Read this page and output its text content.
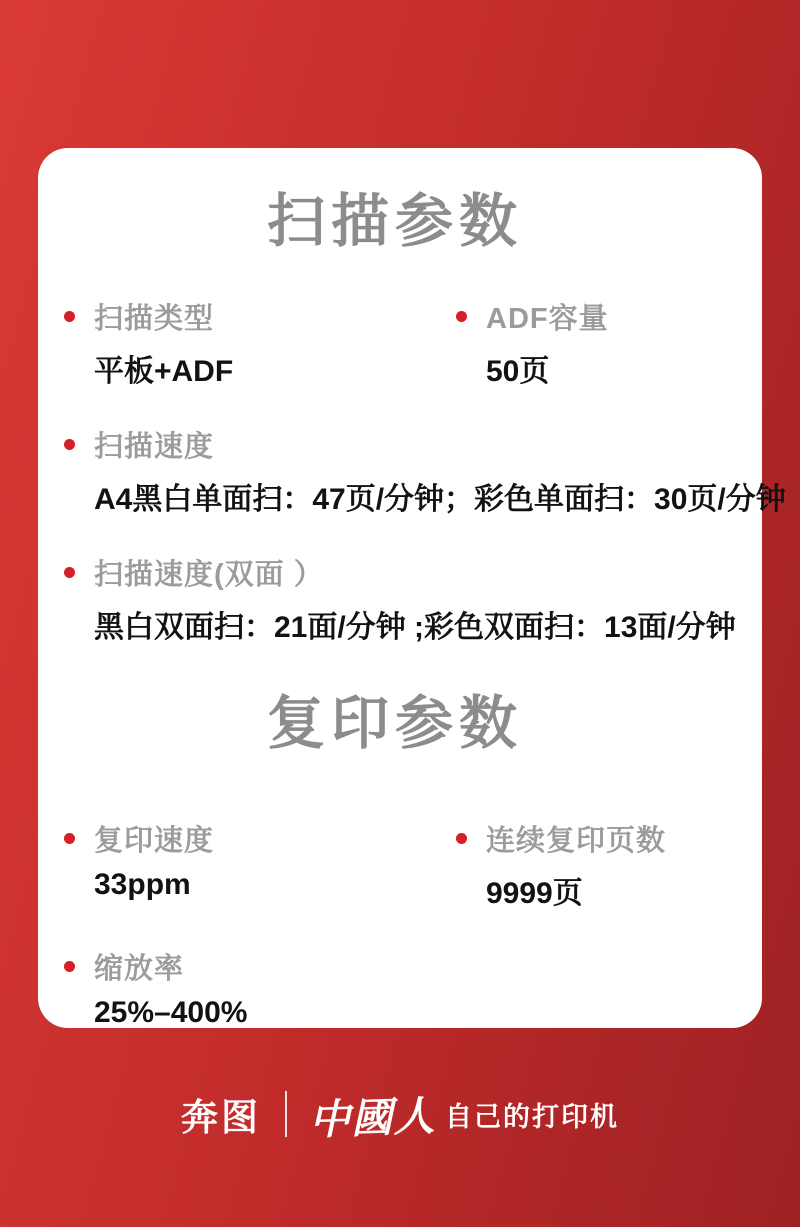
扫描参数
扫描类型
平板+ADF
ADF容量
50页
扫描速度
A4黑白单面扫：47页/分钟；彩色单面扫：30页/分钟
扫描速度(双面 ）
黑白双面扫：21面/分钟 ;彩色双面扫：13面/分钟
复印参数
复印速度
33ppm
连续复印页数
9999页
缩放率
25%–400%
奔图 中國人 自己的打印机
